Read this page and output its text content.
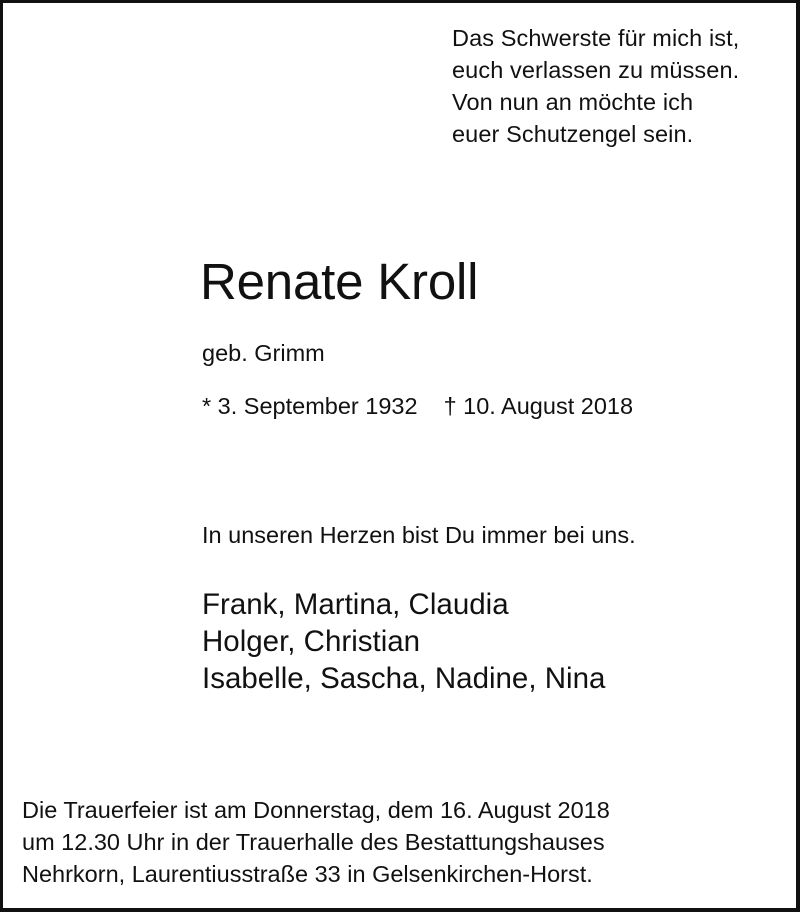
Das Schwerste für mich ist,
euch verlassen zu müssen.
Von nun an möchte ich
euer Schutzengel sein.
Renate Kroll
geb. Grimm
* 3. September 1932 † 10. August 2018
In unseren Herzen bist Du immer bei uns.
Frank, Martina, Claudia
Holger, Christian
Isabelle, Sascha, Nadine, Nina
Die Trauerfeier ist am Donnerstag, dem 16. August 2018
um 12.30 Uhr in der Trauerhalle des Bestattungshauses
Nehrkorn, Laurentiusstraße 33 in Gelsenkirchen-Horst.
